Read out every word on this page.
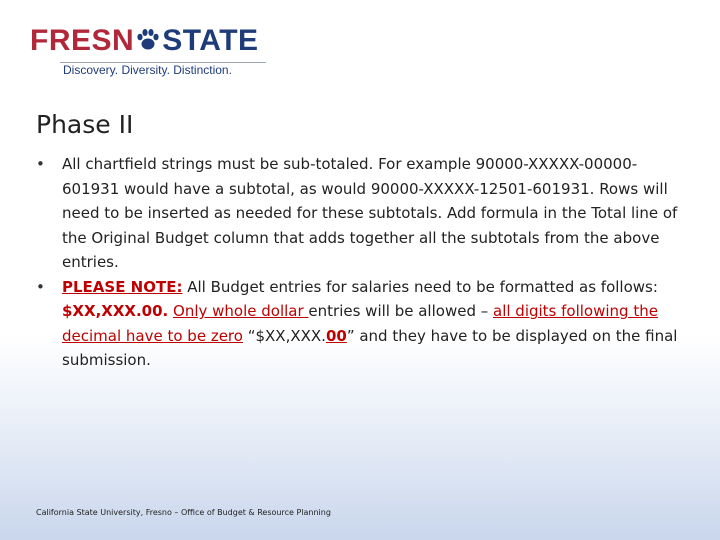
FRESN STATE
Discovery. Diversity. Distinction.
Phase II

• All chartfield strings must be sub-totaled. For example 90000-XXXXX-00000-601931 would have a subtotal, as would 90000-XXXXX-12501-601931. Rows will need to be inserted as needed for these subtotals. Add formula in the Total line of the Original Budget column that adds together all the subtotals from the above entries.

• PLEASE NOTE: All Budget entries for salaries need to be formatted as follows: $XX,XXX.00. Only whole dollar entries will be allowed – all digits following the decimal have to be zero “$XX,XXX.00” and they have to be displayed on the final submission.

California State University, Fresno – Office of Budget & Resource Planning
